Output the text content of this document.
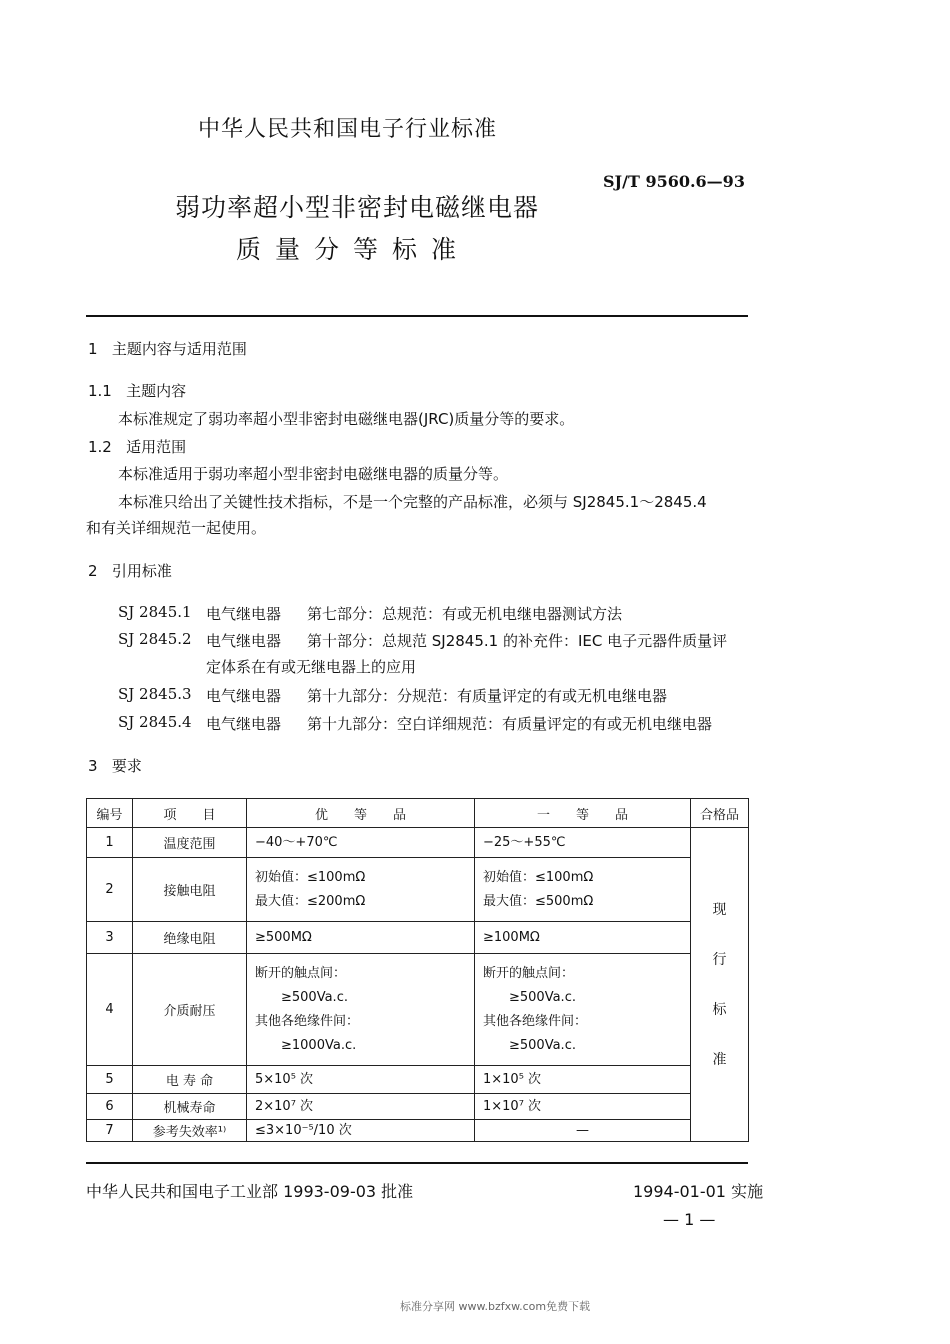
中华人民共和国电子行业标准
SJ/T 9560.6—93
弱功率超小型非密封电磁继电器
质量分等标准
1 主题内容与适用范围
1.1 主题内容
本标准规定了弱功率超小型非密封电磁继电器(JRC)质量分等的要求。
1.2 适用范围
本标准适用于弱功率超小型非密封电磁继电器的质量分等。
本标准只给出了关键性技术指标，不是一个完整的产品标准，必须与 SJ2845.1～2845.4
和有关详细规范一起使用。
2 引用标准
SJ 2845.1 电气继电器 第七部分：总规范：有或无机电继电器测试方法
SJ 2845.2 电气继电器 第十部分：总规范 SJ2845.1 的补充件：IEC 电子元器件质量评
定体系在有或无继电器上的应用
SJ 2845.3 电气继电器 第十九部分：分规范：有质量评定的有或无机电继电器
SJ 2845.4 电气继电器 第十九部分：空白详细规范：有质量评定的有或无机电继电器
3 要求
编号	项　　目	优　　等　　品	一　　等　　品	合格品
1	温度范围	−40～+70℃	−25～+55℃	现
行
标
准

2	接触电阻	初始值：≤100mΩ
最大值：≤200mΩ	初始值：≤100mΩ
最大值：≤500mΩ	

3	绝缘电阻	≥500MΩ	≥100MΩ	

4	介质耐压	断开的触点间：
≥500Va.c.
其他各绝缘件间：
≥1000Va.c.	断开的触点间：
≥500Va.c.
其他各绝缘件间：
≥500Va.c.	

5	电 寿 命	5×10⁵ 次	1×10⁵ 次	

6	机械寿命	2×10⁷ 次	1×10⁷ 次	

7	参考失效率¹⁾	≤3×10⁻⁵/10 次	—	
中华人民共和国电子工业部 1993-09-03 批准	1994-01-01 实施
— 1 —
标准分享网 www.bzfxw.com免费下载
